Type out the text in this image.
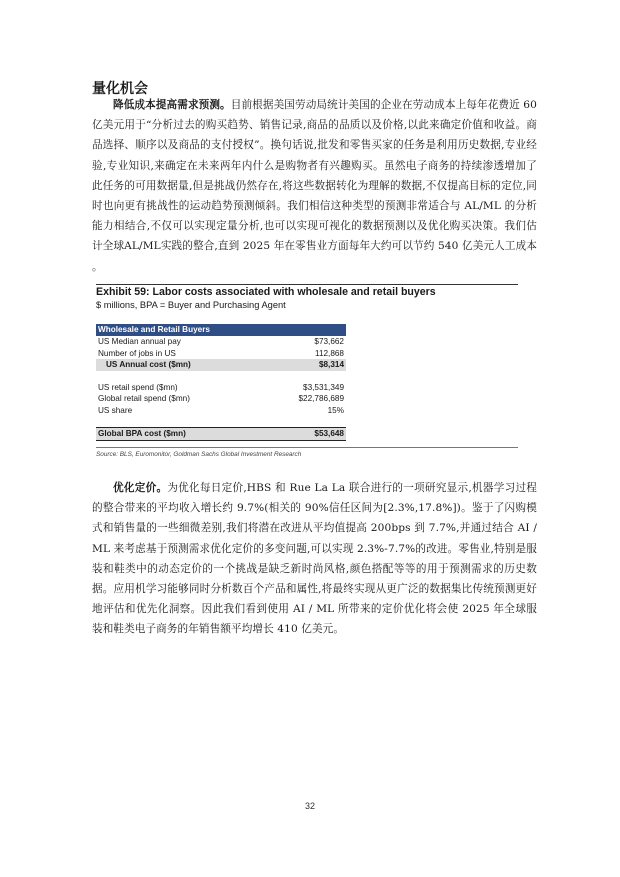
量化机会
降低成本提高需求预测。目前根据美国劳动局统计美国的企业在劳动成本上每年花费近 60 亿美元用于“分析过去的购买趋势、销售记录,商品的品质以及价格,以此来确定价值和收益。商品选择、顺序以及商品的支付授权”。换句话说,批发和零售买家的任务是利用历史数据,专业经验,专业知识,来确定在未来两年内什么是购物者有兴趣购买。虽然电子商务的持续渗透增加了此任务的可用数据量,但是挑战仍然存在,将这些数据转化为理解的数据,不仅提高目标的定位,同时也向更有挑战性的运动趋势预测倾斜。我们相信这种类型的预测非常适合与 AL/ML 的分析能力相结合,不仅可以实现定量分析,也可以实现可视化的数据预测以及优化购买决策。我们估计全球AL/ML实践的整合,直到 2025 年在零售业方面每年大约可以节约 540 亿美元人工成本 。
Exhibit 59: Labor costs associated with wholesale and retail buyers
$ millions, BPA = Buyer and Purchasing Agent
Wholesale and Retail Buyers	
US Median annual pay	$73,662
Number of jobs in US	112,868
US Annual cost ($mn)	$8,314

US retail spend ($mn)	$3,531,349
Global retail spend ($mn)	$22,786,689
US share	15%

Global BPA cost ($mn)	$53,648
Source: BLS, Euromonitor, Goldman Sachs Global Investment Research
优化定价。为优化每日定价,HBS 和 Rue La La 联合进行的一项研究显示,机器学习过程的整合带来的平均收入增长约 9.7%(相关的 90%信任区间为[2.3%,17.8%])。鉴于了闪购模式和销售量的一些细微差别,我们将潜在改进从平均值提高 200bps 到 7.7%,并通过结合 AI / ML 来考虑基于预测需求优化定价的多变问题,可以实现 2.3%-7.7%的改进。零售业,特别是服装和鞋类中的动态定价的一个挑战是缺乏新时尚风格,颜色搭配等等的用于预测需求的历史数据。应用机学习能够同时分析数百个产品和属性,将最终实现从更广泛的数据集比传统预测更好地评估和优先化洞察。因此我们看到使用 AI / ML 所带来的定价优化将会使 2025 年全球服装和鞋类电子商务的年销售额平均增长 410 亿美元。
32
